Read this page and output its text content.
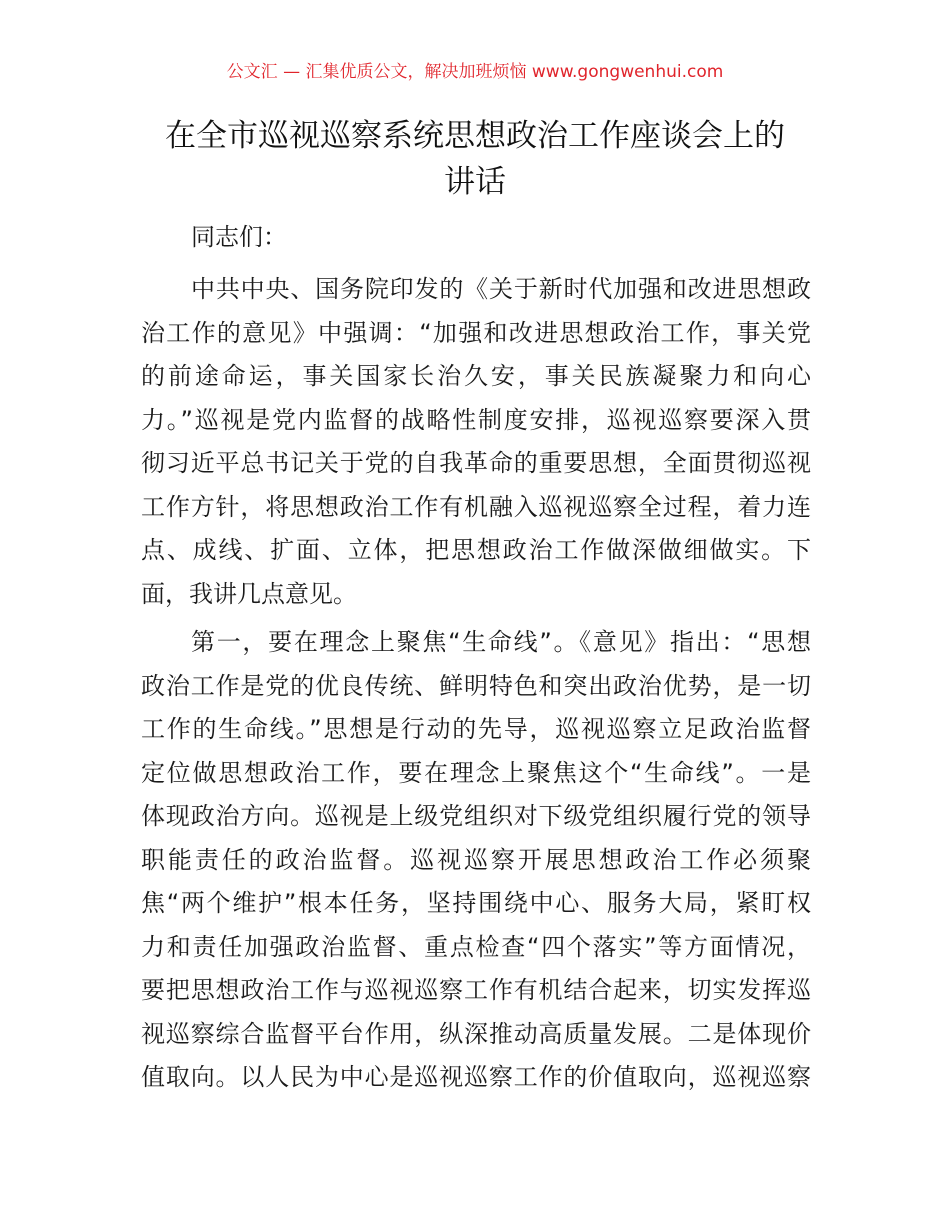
公文汇 — 汇集优质公文，解决加班烦恼 www.gongwenhui.com
在全市巡视巡察系统思想政治工作座谈会上的
讲话
同志们：
中共中央、国务院印发的《关于新时代加强和改进思想政
治工作的意见》中强调：“加强和改进思想政治工作，事关党
的前途命运，事关国家长治久安，事关民族凝聚力和向心
力。”巡视是党内监督的战略性制度安排，巡视巡察要深入贯
彻习近平总书记关于党的自我革命的重要思想，全面贯彻巡视
工作方针，将思想政治工作有机融入巡视巡察全过程，着力连
点、成线、扩面、立体，把思想政治工作做深做细做实。下
面，我讲几点意见。
第一，要在理念上聚焦“生命线”。《意见》指出：“思想
政治工作是党的优良传统、鲜明特色和突出政治优势，是一切
工作的生命线。”思想是行动的先导，巡视巡察立足政治监督
定位做思想政治工作，要在理念上聚焦这个“生命线”。一是
体现政治方向。巡视是上级党组织对下级党组织履行党的领导
职能责任的政治监督。巡视巡察开展思想政治工作必须聚
焦“两个维护”根本任务，坚持围绕中心、服务大局，紧盯权
力和责任加强政治监督、重点检查“四个落实”等方面情况，
要把思想政治工作与巡视巡察工作有机结合起来，切实发挥巡
视巡察综合监督平台作用，纵深推动高质量发展。二是体现价
值取向。以人民为中心是巡视巡察工作的价值取向，巡视巡察
